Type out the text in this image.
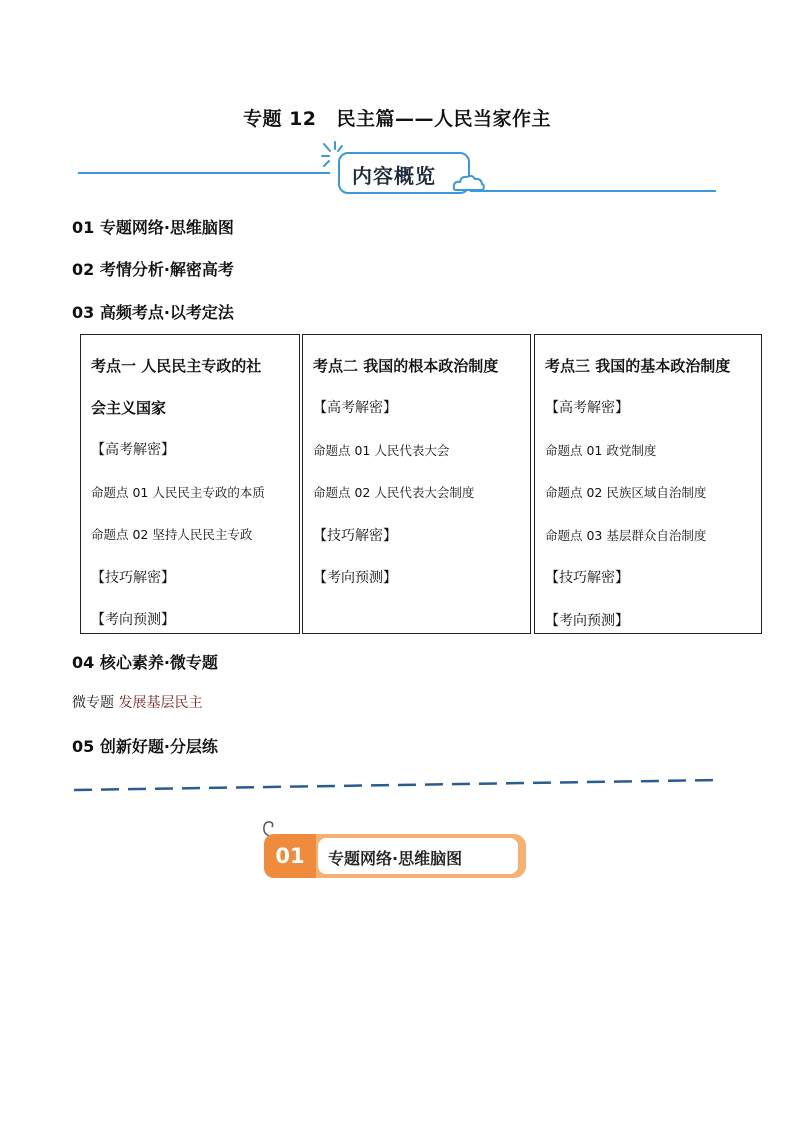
专题 12 民主篇——人民当家作主
内容概览
01 专题网络·思维脑图
02 考情分析·解密高考
03 高频考点·以考定法
考点一 人民民主专政的社
会主义国家
【高考解密】
命题点 01 人民民主专政的本质
命题点 02 坚持人民民主专政
【技巧解密】
【考向预测】
考点二 我国的根本政治制度
【高考解密】
命题点 01 人民代表大会
命题点 02 人民代表大会制度
【技巧解密】
【考向预测】
考点三 我国的基本政治制度
【高考解密】
命题点 01 政党制度
命题点 02 民族区域自治制度
命题点 03 基层群众自治制度
【技巧解密】
【考向预测】
04 核心素养·微专题
微专题 发展基层民主
05 创新好题·分层练
01	专题网络·思维脑图
